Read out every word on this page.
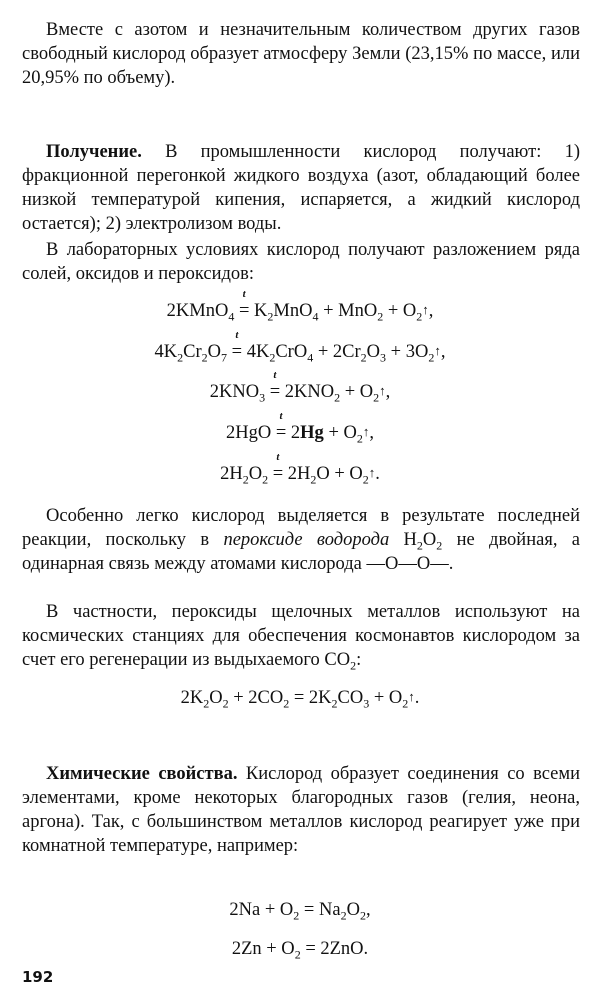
Вместе с азотом и незначительным количеством других газов свободный кислород образует атмосферу Земли (23,15% по массе, или 20,95% по объему).

Получение. В промышленности кислород получают: 1) фракционной перегонкой жидкого воздуха (азот, обладающий более низкой температурой кипения, испаряется, а жидкий кислород остается); 2) электролизом воды.

В лабораторных условиях кислород получают разложением ряда солей, оксидов и пероксидов:

2KMnO$_4$ =
t
$K_2MnO_4 + MnO_2$ + $O_2↑$,
$4K_2Cr_2O_7$ =
t
$4K_2CrO_4 + 2Cr_2O_3$ + $3O_2↑$,
$2KNO_3$ =
t
$2KNO_2$ + $O_2↑$,
2HgO =
t
$2Hg + O_2↑$,
$2H_2O_2$ =
t
$2H_2O$ + $O_2↑$.

Особенно легко кислород выделяется в результате последней реакции, поскольку в пероксиде водорода $H_2O_2$ не двойная, а одинарная связь между атомами кислорода —O—O—.

В частности, пероксиды щелочных металлов используют на космических станциях для обеспечения космонавтов кислородом за счет его регенерации из выдыхаемого $CO_2$:

$2K_2O_2 + 2CO_2 = 2K_2CO_3$ + $O_2↑$.

Химические свойства. Кислород образует соединения со всеми элементами, кроме некоторых благородных газов (гелия, неона, аргона). Так, с большинством металлов кислород реагирует уже при комнатной температуре, например:

$2Na + O_2 = Na_2O_2$,
$2Zn + O_2 = 2ZnO$.
192
